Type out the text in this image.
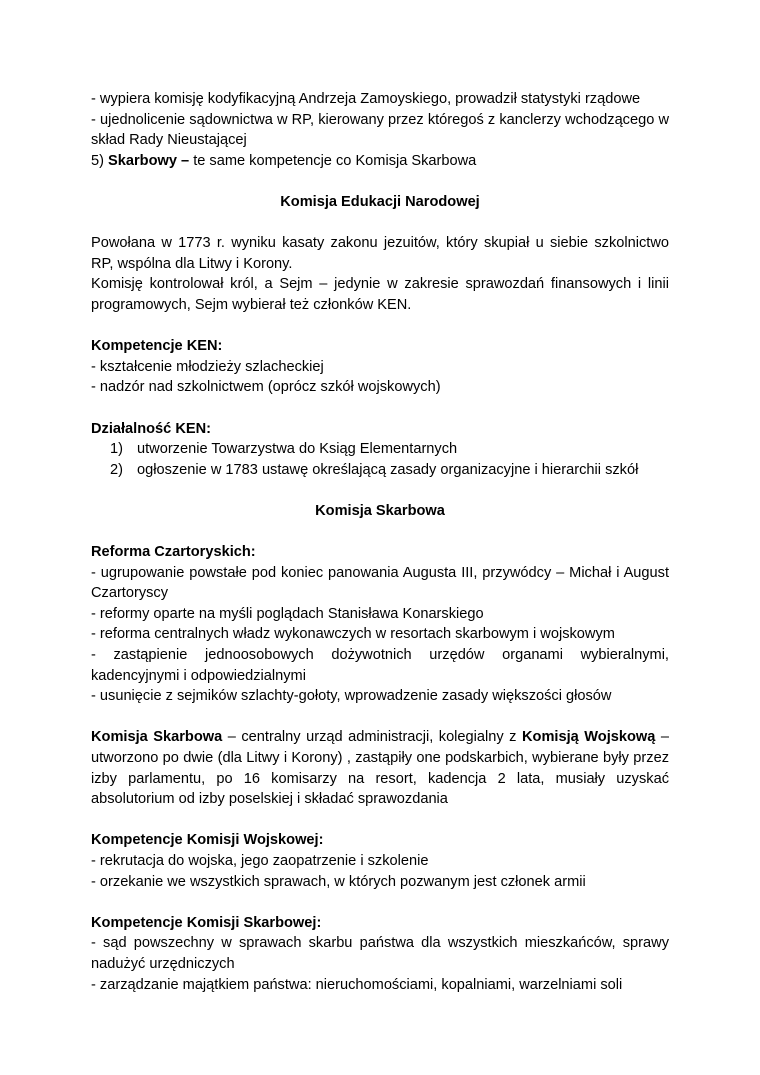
- wypiera komisję kodyfikacyjną Andrzeja Zamoyskiego, prowadził statystyki rządowe

- ujednolicenie sądownictwa w RP, kierowany przez któregoś z kanclerzy wchodzącego w skład Rady Nieustającej

5) Skarbowy – te same kompetencje co Komisja Skarbowa

Komisja Edukacji Narodowej

Powołana w 1773 r. wyniku kasaty zakonu jezuitów, który skupiał u siebie szkolnictwo RP, wspólna dla Litwy i Korony.

Komisję kontrolował król, a Sejm – jedynie w zakresie sprawozdań finansowych i linii programowych, Sejm wybierał też członków KEN.

Kompetencje KEN:

- kształcenie młodzieży szlacheckiej

- nadzór nad szkolnictwem (oprócz szkół wojskowych)

Działalność KEN:

1) utworzenie Towarzystwa do Ksiąg Elementarnych
2) ogłoszenie w 1783 ustawę określającą zasady organizacyjne i hierarchii szkół

Komisja Skarbowa

Reforma Czartoryskich:

- ugrupowanie powstałe pod koniec panowania Augusta III, przywódcy – Michał i August Czartoryscy

- reformy oparte na myśli poglądach Stanisława Konarskiego

- reforma centralnych władz wykonawczych w resortach skarbowym i wojskowym

- zastąpienie jednoosobowych dożywotnich urzędów organami wybieralnymi, kadencyjnymi i odpowiedzialnymi

- usunięcie z sejmików szlachty-gołoty, wprowadzenie zasady większości głosów

Komisja Skarbowa – centralny urząd administracji, kolegialny z Komisją Wojskową – utworzono po dwie (dla Litwy i Korony) , zastąpiły one podskarbich, wybierane były przez izby parlamentu, po 16 komisarzy na resort, kadencja 2 lata, musiały uzyskać absolutorium od izby poselskiej i składać sprawozdania

Kompetencje Komisji Wojskowej:

- rekrutacja do wojska, jego zaopatrzenie i szkolenie

- orzekanie we wszystkich sprawach, w których pozwanym jest członek armii

Kompetencje Komisji Skarbowej:

- sąd powszechny w sprawach skarbu państwa dla wszystkich mieszkańców, sprawy nadużyć urzędniczych

- zarządzanie majątkiem państwa: nieruchomościami, kopalniami, warzelniami soli
